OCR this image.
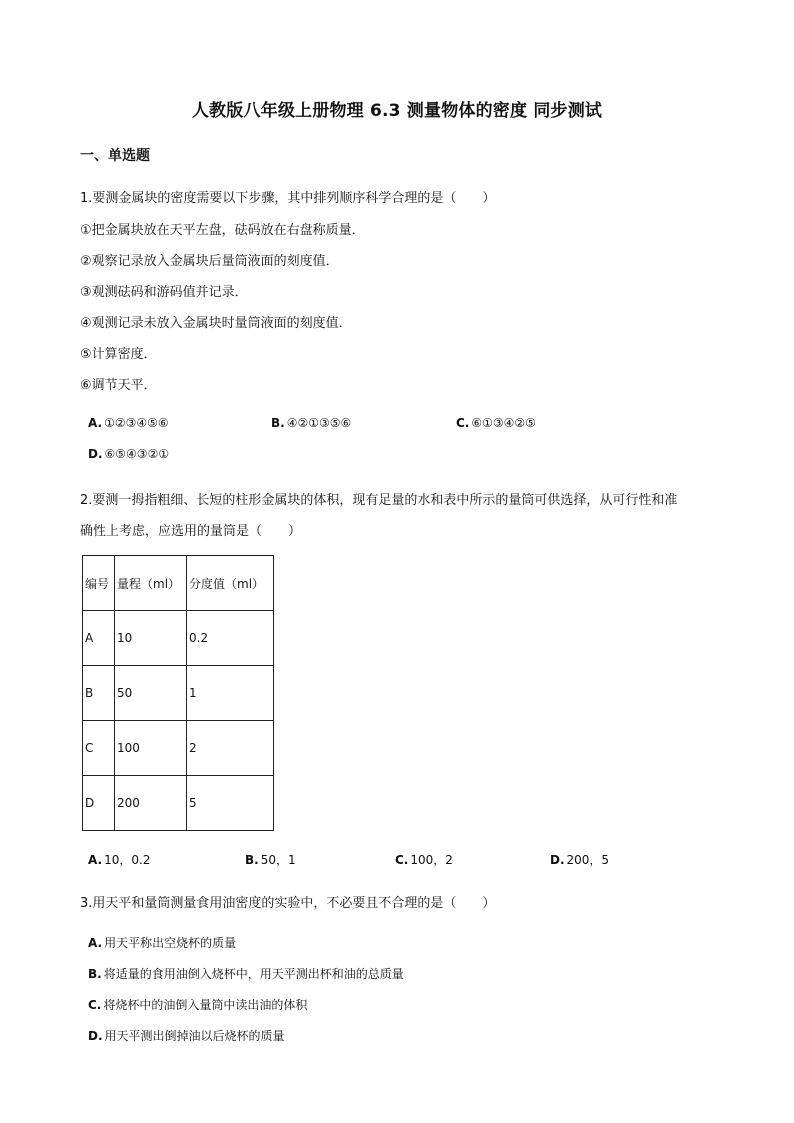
人教版八年级上册物理 6.3 测量物体的密度 同步测试
一、单选题
1.要测金属块的密度需要以下步骤，其中排列顺序科学合理的是（　　）
①把金属块放在天平左盘，砝码放在右盘称质量．
②观察记录放入金属块后量筒液面的刻度值．
③观测砝码和游码值并记录．
④观测记录未放入金属块时量筒液面的刻度值．
⑤计算密度．
⑥调节天平．
A. ①②③④⑤⑥	B. ④②①③⑤⑥	C. ⑥①③④②⑤
D. ⑥⑤④③②①
2.要测一拇指粗细、长短的柱形金属块的体积，现有足量的水和表中所示的量筒可供选择，从可行性和准
确性上考虑，应选用的量筒是（　　）
编号	量程（ml）	分度值（ml）
A	10	0.2
B	50	1
C	100	2
D	200	5
A. 10，0.2	B. 50，1	C. 100，2	D. 200，5
3.用天平和量筒测量食用油密度的实验中，不必要且不合理的是（　　）
A. 用天平称出空烧杯的质量
B. 将适量的食用油倒入烧杯中，用天平测出杯和油的总质量
C. 将烧杯中的油倒入量筒中读出油的体积
D. 用天平测出倒掉油以后烧杯的质量
